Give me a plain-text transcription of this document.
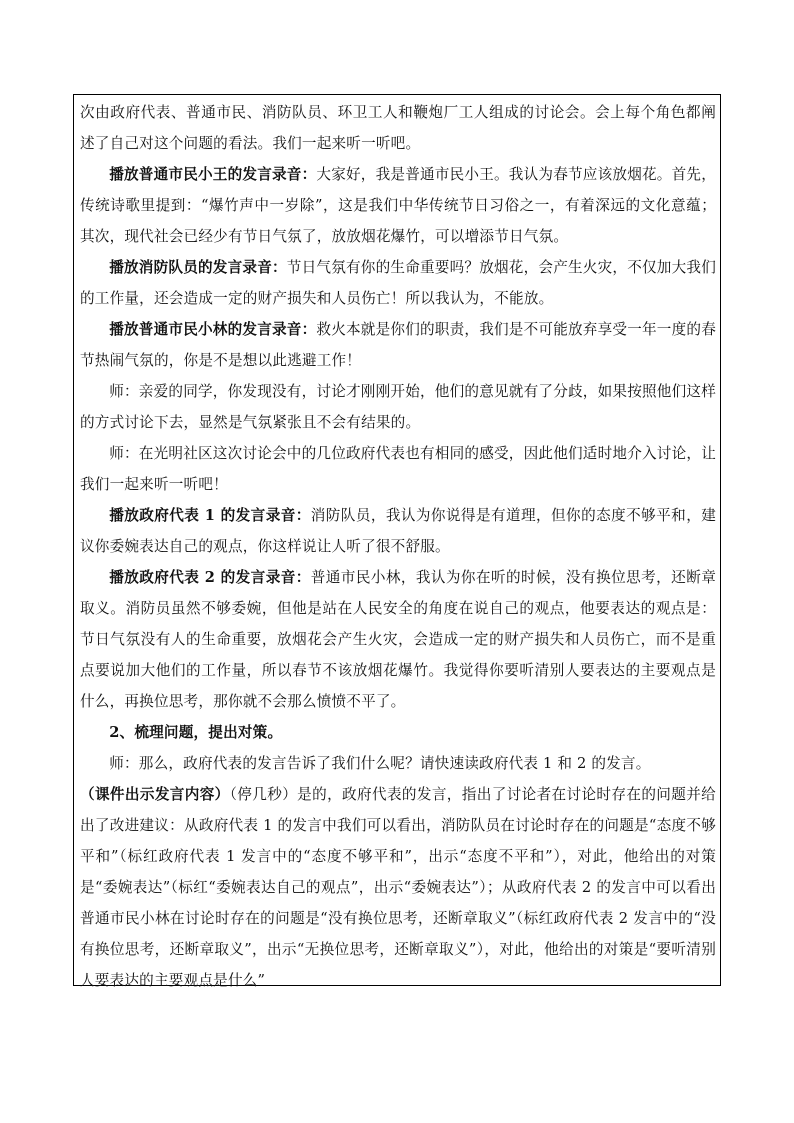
次由政府代表、普通市民、消防队员、环卫工人和鞭炮厂工人组成的讨论会。会上每个角色都阐述了自己对这个问题的看法。我们一起来听一听吧。

播放普通市民小王的发言录音：大家好，我是普通市民小王。我认为春节应该放烟花。首先，传统诗歌里提到：“爆竹声中一岁除”，这是我们中华传统节日习俗之一，有着深远的文化意蕴；其次，现代社会已经少有节日气氛了，放放烟花爆竹，可以增添节日气氛。

播放消防队员的发言录音：节日气氛有你的生命重要吗？放烟花，会产生火灾，不仅加大我们的工作量，还会造成一定的财产损失和人员伤亡！所以我认为，不能放。

播放普通市民小林的发言录音：救火本就是你们的职责，我们是不可能放弃享受一年一度的春节热闹气氛的，你是不是想以此逃避工作！

师：亲爱的同学，你发现没有，讨论才刚刚开始，他们的意见就有了分歧，如果按照他们这样的方式讨论下去，显然是气氛紧张且不会有结果的。

师：在光明社区这次讨论会中的几位政府代表也有相同的感受，因此他们适时地介入讨论，让我们一起来听一听吧！

播放政府代表 1 的发言录音：消防队员，我认为你说得是有道理，但你的态度不够平和，建议你委婉表达自己的观点，你这样说让人听了很不舒服。

播放政府代表 2 的发言录音：普通市民小林，我认为你在听的时候，没有换位思考，还断章取义。消防员虽然不够委婉，但他是站在人民安全的角度在说自己的观点，他要表达的观点是：节日气氛没有人的生命重要，放烟花会产生火灾，会造成一定的财产损失和人员伤亡，而不是重点要说加大他们的工作量，所以春节不该放烟花爆竹。我觉得你要听清别人要表达的主要观点是什么，再换位思考，那你就不会那么愤愤不平了。

2、梳理问题，提出对策。

师：那么，政府代表的发言告诉了我们什么呢？请快速读政府代表 1 和 2 的发言。

（课件出示发言内容）（停几秒）是的，政府代表的发言，指出了讨论者在讨论时存在的问题并给出了改进建议：从政府代表 1 的发言中我们可以看出，消防队员在讨论时存在的问题是“态度不够平和”（标红政府代表 1 发言中的“态度不够平和”，出示“态度不平和”），对此，他给出的对策是“委婉表达”（标红“委婉表达自己的观点”，出示“委婉表达”）；从政府代表 2 的发言中可以看出普通市民小林在讨论时存在的问题是“没有换位思考，还断章取义”（标红政府代表 2 发言中的“没有换位思考，还断章取义”，出示“无换位思考，还断章取义”），对此，他给出的对策是“要听清别人要表达的主要观点是什么”
